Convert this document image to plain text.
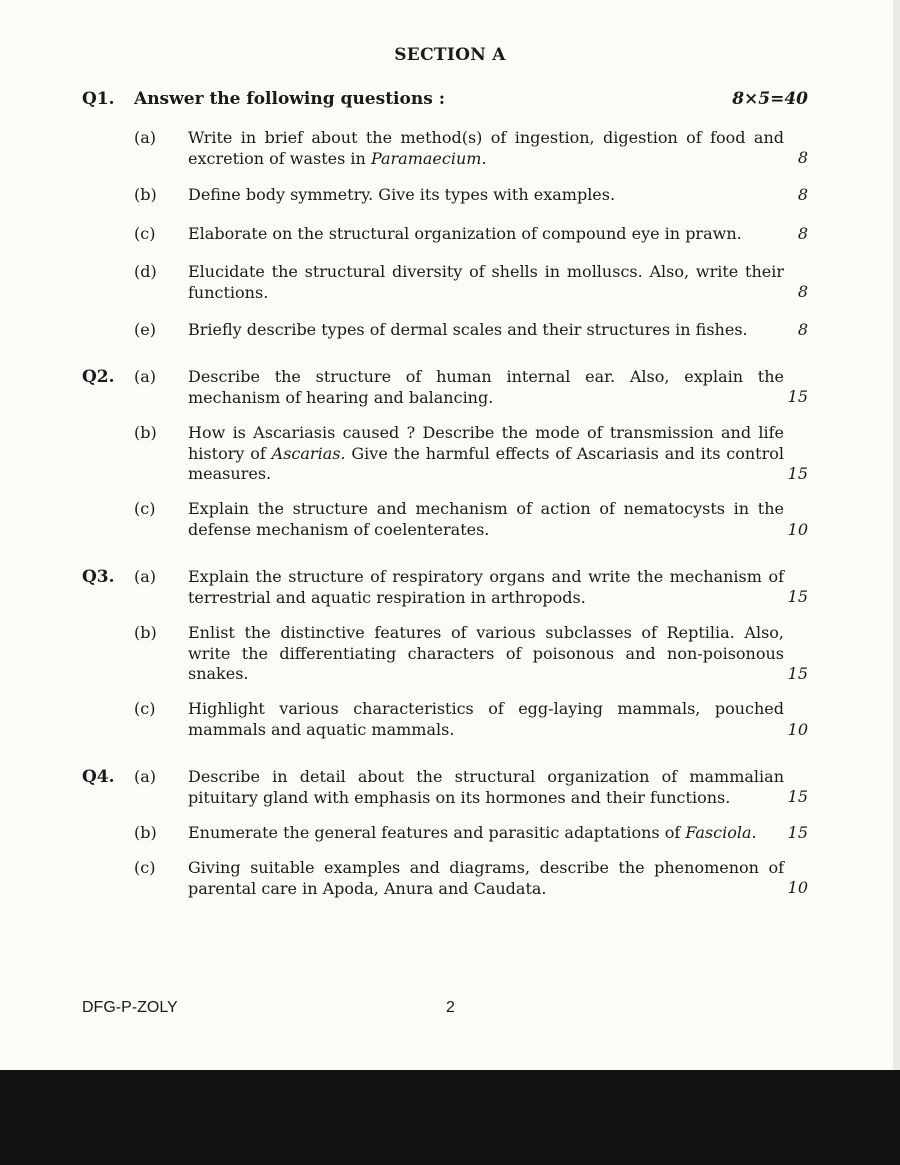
SECTION A
Q1. Answer the following questions :	8×5=40
(a) Write in brief about the method(s) of ingestion, digestion of food and excretion of wastes in Paramaecium.	8
(b) Define body symmetry. Give its types with examples.	8
(c) Elaborate on the structural organization of compound eye in prawn.	8
(d) Elucidate the structural diversity of shells in molluscs. Also, write their functions.	8
(e) Briefly describe types of dermal scales and their structures in fishes.	8
Q2. (a) Describe the structure of human internal ear. Also, explain the mechanism of hearing and balancing.	15
(b) How is Ascariasis caused ? Describe the mode of transmission and life history of Ascarias. Give the harmful effects of Ascariasis and its control measures.	15
(c) Explain the structure and mechanism of action of nematocysts in the defense mechanism of coelenterates.	10
Q3. (a) Explain the structure of respiratory organs and write the mechanism of terrestrial and aquatic respiration in arthropods.	15
(b) Enlist the distinctive features of various subclasses of Reptilia. Also, write the differentiating characters of poisonous and non-poisonous snakes.	15
(c) Highlight various characteristics of egg-laying mammals, pouched mammals and aquatic mammals.	10
Q4. (a) Describe in detail about the structural organization of mammalian pituitary gland with emphasis on its hormones and their functions.	15
(b) Enumerate the general features and parasitic adaptations of Fasciola.	15
(c) Giving suitable examples and diagrams, describe the phenomenon of parental care in Apoda, Anura and Caudata.	10
DFG-P-ZOLY	2
